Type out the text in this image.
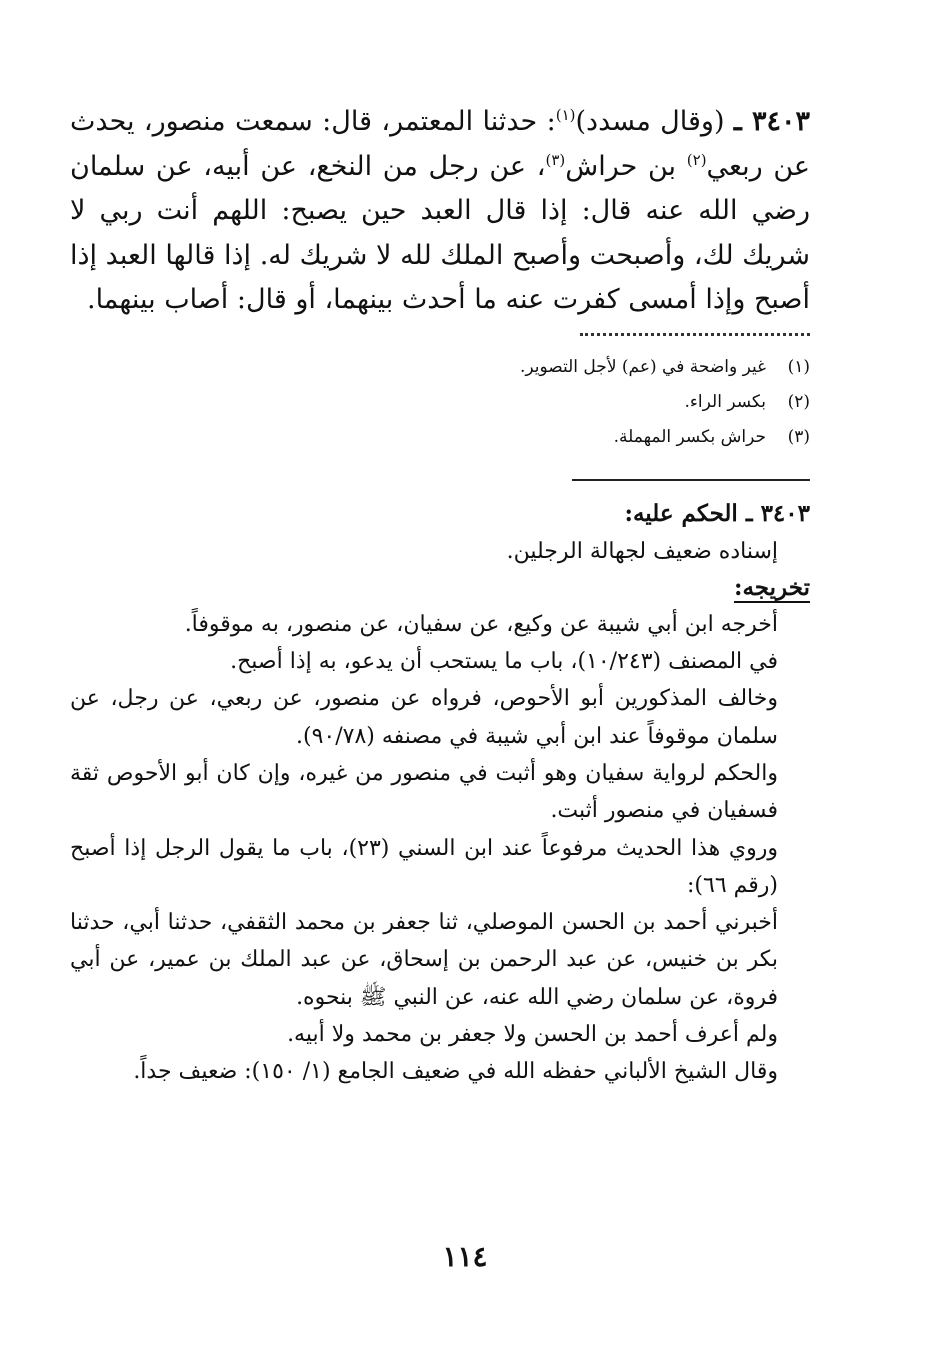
٣٤٠٣ ـ (وقال مسدد)$^{(١)}$: حدثنا المعتمر، قال: سمعت منصور، يحدث عن ربعي$^{(٢)}$ بن حراش$^{(٣)}$، عن رجل من النخع، عن أبيه، عن سلمان رضي الله عنه قال: إذا قال العبد حين يصبح: اللهم أنت ربي لا شريك لك، وأصبحت وأصبح الملك لله لا شريك له. إذا قالها العبد إذا أصبح وإذا أمسى كفرت عنه ما أحدث بينهما، أو قال: أصاب بينهما.

(١)
غير واضحة في (عم) لأجل التصوير.
(٢)
بكسر الراء.
(٣)
حراش بكسر المهملة.
٣٤٠٣ ـ الحكم عليه:

إسناده ضعيف لجهالة الرجلين.

تخريجه:

أخرجه ابن أبي شيبة عن وكيع، عن سفيان، عن منصور، به موقوفاً.

في المصنف (١٠/٢٤٣)، باب ما يستحب أن يدعو، به إذا أصبح.

وخالف المذكورين أبو الأحوص، فرواه عن منصور، عن ربعي، عن رجل، عن سلمان موقوفاً عند ابن أبي شيبة في مصنفه (٩٠/٧٨).

والحكم لرواية سفيان وهو أثبت في منصور من غيره، وإن كان أبو الأحوص ثقة فسفيان في منصور أثبت.

وروي هذا الحديث مرفوعاً عند ابن السني (٢٣)، باب ما يقول الرجل إذا أصبح (رقم ٦٦):

أخبرني أحمد بن الحسن الموصلي، ثنا جعفر بن محمد الثقفي، حدثنا أبي، حدثنا بكر بن خنيس، عن عبد الرحمن بن إسحاق، عن عبد الملك بن عمير، عن أبي فروة، عن سلمان رضي الله عنه، عن النبي ﷺ بنحوه.

ولم أعرف أحمد بن الحسن ولا جعفر بن محمد ولا أبيه.

وقال الشيخ الألباني حفظه الله في ضعيف الجامع (١/ ١٥٠): ضعيف جداً.

١١٤
